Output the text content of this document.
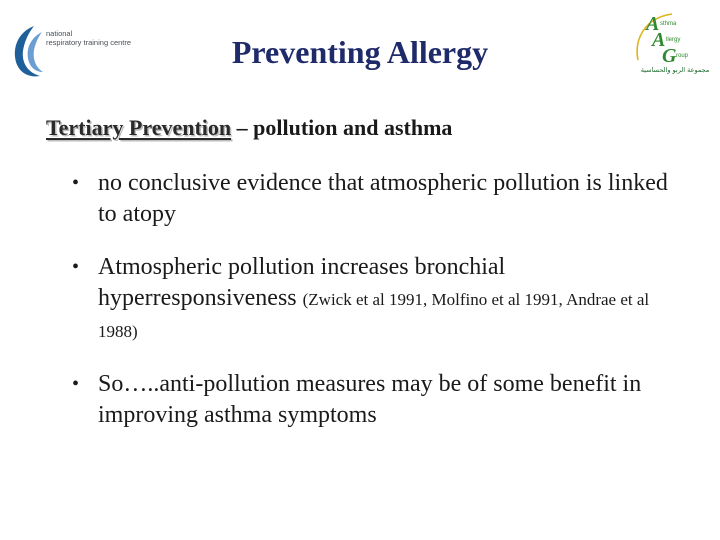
national
respiratory training centre	Preventing Allergy
A sthma
A llergy
G roup
مجموعة الربو والحساسية
Tertiary Prevention – pollution and asthma
• no conclusive evidence that atmospheric pollution is linked to atopy
• Atmospheric pollution increases bronchial hyperresponsiveness (Zwick et al 1991, Molfino et al 1991, Andrae et al 1988)
• So…..anti-pollution measures may be of some benefit in improving asthma symptoms
